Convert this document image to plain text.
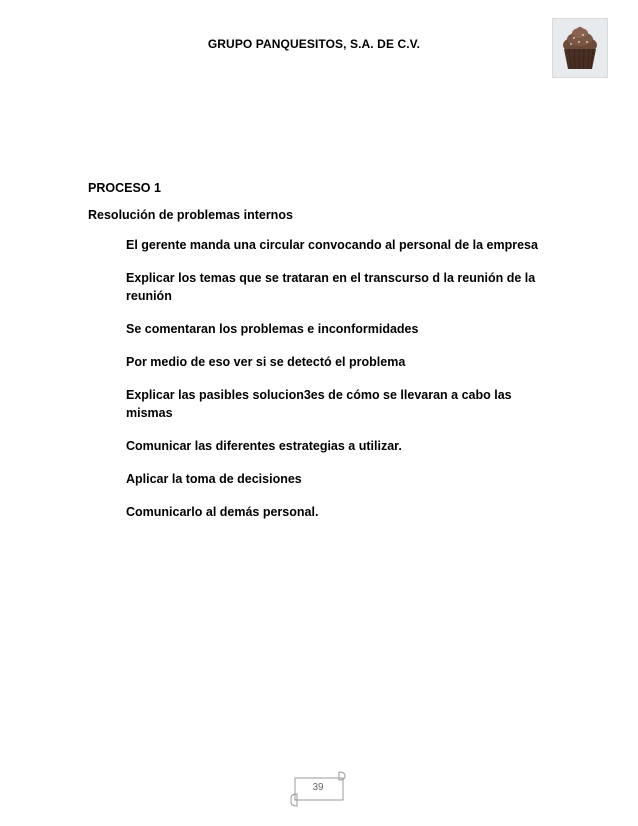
GRUPO PANQUESITOS, S.A. DE C.V.
PROCESO 1
Resolución de problemas internos
El gerente manda una circular convocando al personal de la empresa
Explicar los temas que se trataran en el transcurso d la reunión de la reunión
Se comentaran los problemas e inconformidades
Por medio de eso ver si se detectó el problema
Explicar las pasibles solucion3es de cómo se llevaran a cabo las mismas
Comunicar las diferentes estrategias a utilizar.
Aplicar la toma de decisiones
Comunicarlo al demás personal.
39
